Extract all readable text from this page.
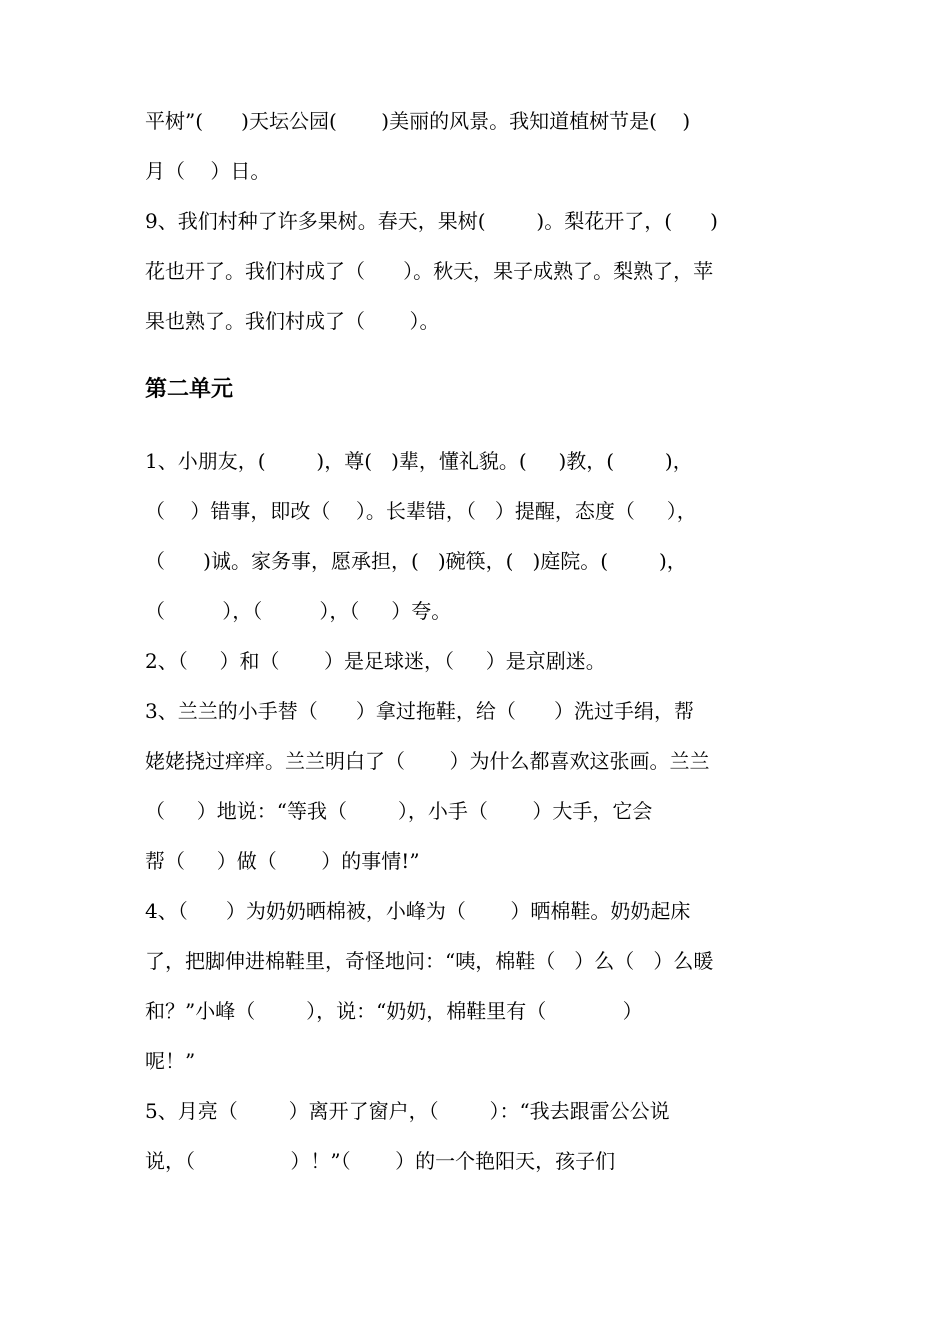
平树”(      )天坛公园(       )美丽的风景。我知道植树节是(    )
月（    ）日。
9、我们村种了许多果树。春天，果树(        )。梨花开了，(      )
花也开了。我们村成了（      ）。秋天，果子成熟了。梨熟了，苹
果也熟了。我们村成了（       ）。
第二单元
1、小朋友，(        )，尊(   )辈，懂礼貌。(     )教，(        )，
（    ）错事，即改（    ）。长辈错，（   ）提醒，态度（     ），
（      )诚。家务事，愿承担，(   )碗筷，(   )庭院。(        )，
（         ），（         ），（     ）夸。
2、（     ）和（       ）是足球迷，（     ）是京剧迷。
3、兰兰的小手替（      ）拿过拖鞋，给（      ）洗过手绢，帮
姥姥挠过痒痒。兰兰明白了（       ）为什么都喜欢这张画。兰兰
（     ）地说：“等我（        ），小手（       ）大手，它会
帮（     ）做（       ）的事情!”
4、（      ）为奶奶晒棉被，小峰为（       ）晒棉鞋。奶奶起床
了，把脚伸进棉鞋里，奇怪地问：“咦，棉鞋（   ）么（   ）么暖
和？”小峰（        ），说：“奶奶，棉鞋里有（            ）
呢！”
5、月亮（        ）离开了窗户，（        ）：“我去跟雷公公说
说，（               ）！”（       ）的一个艳阳天，孩子们
